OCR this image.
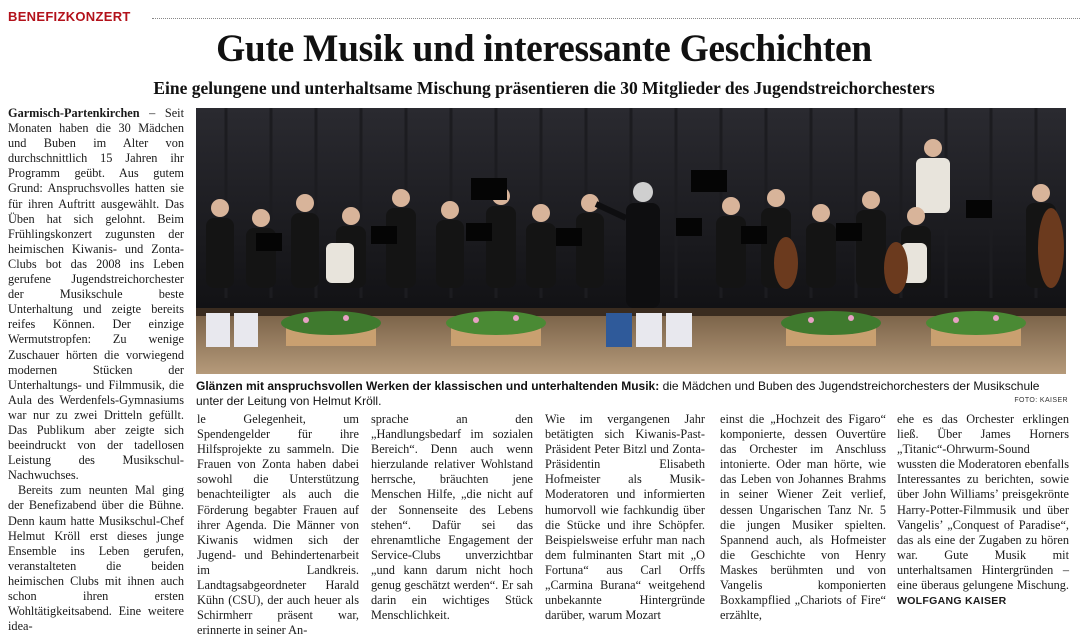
BENEFIZKONZERT
Gute Musik und interessante Geschichten
Eine gelungene und unterhaltsame Mischung präsentieren die 30 Mitglieder des Jugendstreichorchesters

Garmisch-Partenkirchen – Seit Monaten haben die 30 Mädchen und Buben im Alter von durchschnittlich 15 Jahren ihr Programm geübt. Aus gutem Grund: Anspruchsvolles hatten sie für ihren Auftritt ausgewählt. Das Üben hat sich gelohnt. Beim Frühlingskonzert zugunsten der heimischen Kiwanis- und Zonta-Clubs bot das 2008 ins Leben gerufene Jugendstreichorchester der Musikschule beste Unterhaltung und zeigte bereits reifes Können. Der einzige Wermutstropfen: Zu wenige Zuschauer hörten die vorwiegend modernen Stücken der Unterhaltungs- und Filmmusik, die Aula des Werdenfels-Gymnasiums war nur zu zwei Dritteln gefüllt. Das Publikum aber zeigte sich beeindruckt von der tadellosen Leistung des Musikschul-Nachwuchses.

Bereits zum neunten Mal ging der Benefizabend über die Bühne. Denn kaum hatte Musikschul-Chef Helmut Kröll erst dieses junge Ensemble ins Leben gerufen, veranstalteten die beiden heimischen Clubs mit ihnen auch schon ihren ersten Wohltätigkeitsabend. Eine weitere idea-

Glänzen mit anspruchsvollen Werken der klassischen und unterhaltenden Musik: die Mädchen und Buben des Jugendstreichorchesters der Musikschule unter der Leitung von Helmut Kröll.	FOTO: KAISER

le Gelegenheit, um Spendengelder für ihre Hilfsprojekte zu sammeln. Die Frauen von Zonta haben dabei sowohl die Unterstützung benachteiligter als auch die Förderung begabter Frauen auf ihrer Agenda. Die Männer von Kiwanis widmen sich der Jugend- und Behindertenarbeit im Landkreis. Landtagsabgeordneter Harald Kühn (CSU), der auch heuer als Schirmherr präsent war, erinnerte in seiner An-

sprache an den „Handlungsbedarf im sozialen Bereich“. Denn auch wenn hierzulande relativer Wohlstand herrsche, bräuchten jene Menschen Hilfe, „die nicht auf der Sonnenseite des Lebens stehen“. Dafür sei das ehrenamtliche Engagement der Service-Clubs unverzichtbar „und kann darum nicht hoch genug geschätzt werden“. Er sah darin ein wichtiges Stück Menschlichkeit.

Wie im vergangenen Jahr betätigten sich Kiwanis-Past-Präsident Peter Bitzl und Zonta-Präsidentin Elisabeth Hofmeister als Musik-Moderatoren und informierten humorvoll wie fachkundig über die Stücke und ihre Schöpfer. Beispielsweise erfuhr man nach dem fulminanten Start mit „O Fortuna“ aus Carl Orffs „Carmina Burana“ weitgehend unbekannte Hintergründe darüber, warum Mozart

einst die „Hochzeit des Figaro“ komponierte, dessen Ouvertüre das Orchester im Anschluss intonierte. Oder man hörte, wie das Leben von Johannes Brahms in seiner Wiener Zeit verlief, dessen Ungarischen Tanz Nr. 5 die jungen Musiker spielten. Spannend auch, als Hofmeister die Geschichte von Henry Maskes berühmten und von Vangelis komponierten Boxkampflied „Chariots of Fire“ erzählte,

ehe es das Orchester erklingen ließ. Über James Horners „Titanic“-Ohrwurm-Sound wussten die Moderatoren ebenfalls Interessantes zu berichten, sowie über John Williams’ preisgekrönte Harry-Potter-Filmmusik und über Vangelis’ „Conquest of Paradise“, das als eine der Zugaben zu hören war. Gute Musik mit unterhaltsamen Hintergründen – eine überaus gelungene Mischung. WOLFGANG KAISER
